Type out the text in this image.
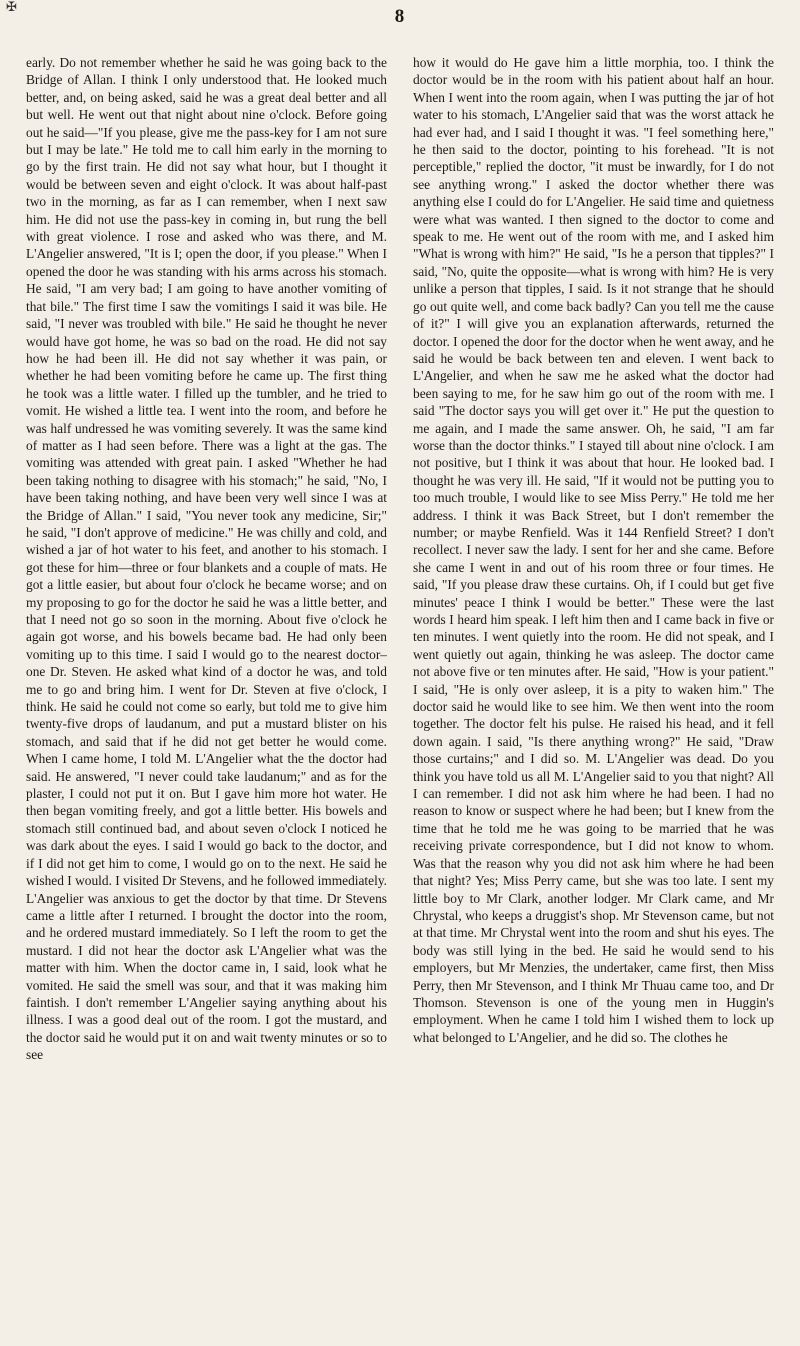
✠	8

early. Do not remember whether he said he was going back to the Bridge of Allan. I think I only understood that. He looked much better, and, on being asked, said he was a great deal better and all but well. He went out that night about nine o'clock. Before going out he said—"If you please, give me the pass-key for I am not sure but I may be late." He told me to call him early in the morning to go by the first train. He did not say what hour, but I thought it would be between seven and eight o'clock. It was about half-past two in the morning, as far as I can remember, when I next saw him. He did not use the pass-key in coming in, but rung the bell with great violence. I rose and asked who was there, and M. L'Angelier answered, "It is I; open the door, if you please." When I opened the door he was standing with his arms across his stomach. He said, "I am very bad; I am going to have another vomiting of that bile." The first time I saw the vomitings I said it was bile. He said, "I never was troubled with bile." He said he thought he never would have got home, he was so bad on the road. He did not say how he had been ill. He did not say whether it was pain, or whether he had been vomiting before he came up. The first thing he took was a little water. I filled up the tumbler, and he tried to vomit. He wished a little tea. I went into the room, and before he was half undressed he was vomiting severely. It was the same kind of matter as I had seen before. There was a light at the gas. The vomiting was attended with great pain. I asked "Whether he had been taking nothing to disagree with his stomach;" he said, "No, I have been taking nothing, and have been very well since I was at the Bridge of Allan." I said, "You never took any medicine, Sir;" he said, "I don't approve of medicine." He was chilly and cold, and wished a jar of hot water to his feet, and another to his stomach. I got these for him—three or four blankets and a couple of mats. He got a little easier, but about four o'clock he became worse; and on my proposing to go for the doctor he said he was a little better, and that I need not go so soon in the morning. About five o'clock he again got worse, and his bowels became bad. He had only been vomiting up to this time. I said I would go to the nearest doctor–one Dr. Steven. He asked what kind of a doctor he was, and told me to go and bring him. I went for Dr. Steven at five o'clock, I think. He said he could not come so early, but told me to give him twenty-five drops of laudanum, and put a mustard blister on his stomach, and said that if he did not get better he would come. When I came home, I told M. L'Angelier what the the doctor had said. He answered, "I never could take laudanum;" and as for the plaster, I could not put it on. But I gave him more hot water. He then began vomiting freely, and got a little better. His bowels and stomach still continued bad, and about seven o'clock I noticed he was dark about the eyes. I said I would go back to the doctor, and if I did not get him to come, I would go on to the next. He said he wished I would. I visited Dr Stevens, and he followed immediately. L'Angelier was anxious to get the doctor by that time. Dr Stevens came a little after I returned. I brought the doctor into the room, and he ordered mustard immediately. So I left the room to get the mustard. I did not hear the doctor ask L'Angelier what was the matter with him. When the doctor came in, I said, look what he vomited. He said the smell was sour, and that it was making him faintish. I don't remember L'Angelier saying anything about his illness. I was a good deal out of the room. I got the mustard, and the doctor said he would put it on and wait twenty minutes or so to see

how it would do He gave him a little morphia, too. I think the doctor would be in the room with his patient about half an hour. When I went into the room again, when I was putting the jar of hot water to his stomach, L'Angelier said that was the worst attack he had ever had, and I said I thought it was. "I feel something here," he then said to the doctor, pointing to his forehead. "It is not perceptible," replied the doctor, "it must be inwardly, for I do not see anything wrong." I asked the doctor whether there was anything else I could do for L'Angelier. He said time and quietness were what was wanted. I then signed to the doctor to come and speak to me. He went out of the room with me, and I asked him "What is wrong with him?" He said, "Is he a person that tipples?" I said, "No, quite the opposite—what is wrong with him? He is very unlike a person that tipples, I said. Is it not strange that he should go out quite well, and come back badly? Can you tell me the cause of it?" I will give you an explanation afterwards, returned the doctor. I opened the door for the doctor when he went away, and he said he would be back between ten and eleven. I went back to L'Angelier, and when he saw me he asked what the doctor had been saying to me, for he saw him go out of the room with me. I said "The doctor says you will get over it." He put the question to me again, and I made the same answer. Oh, he said, "I am far worse than the doctor thinks." I stayed till about nine o'clock. I am not positive, but I think it was about that hour. He looked bad. I thought he was very ill. He said, "If it would not be putting you to too much trouble, I would like to see Miss Perry." He told me her address. I think it was Back Street, but I don't remember the number; or maybe Renfield. Was it 144 Renfield Street? I don't recollect. I never saw the lady. I sent for her and she came. Before she came I went in and out of his room three or four times. He said, "If you please draw these curtains. Oh, if I could but get five minutes' peace I think I would be better." These were the last words I heard him speak. I left him then and I came back in five or ten minutes. I went quietly into the room. He did not speak, and I went quietly out again, thinking he was asleep. The doctor came not above five or ten minutes after. He said, "How is your patient." I said, "He is only over asleep, it is a pity to waken him." The doctor said he would like to see him. We then went into the room together. The doctor felt his pulse. He raised his head, and it fell down again. I said, "Is there anything wrong?" He said, "Draw those curtains;" and I did so. M. L'Angelier was dead. Do you think you have told us all M. L'Angelier said to you that night? All I can remember. I did not ask him where he had been. I had no reason to know or suspect where he had been; but I knew from the time that he told me he was going to be married that he was receiving private correspondence, but I did not know to whom. Was that the reason why you did not ask him where he had been that night? Yes; Miss Perry came, but she was too late. I sent my little boy to Mr Clark, another lodger. Mr Clark came, and Mr Chrystal, who keeps a druggist's shop. Mr Stevenson came, but not at that time. Mr Chrystal went into the room and shut his eyes. The body was still lying in the bed. He said he would send to his employers, but Mr Menzies, the undertaker, came first, then Miss Perry, then Mr Stevenson, and I think Mr Thuau came too, and Dr Thomson. Stevenson is one of the young men in Huggin's employment. When he came I told him I wished them to lock up what belonged to L'Angelier, and he did so. The clothes he
